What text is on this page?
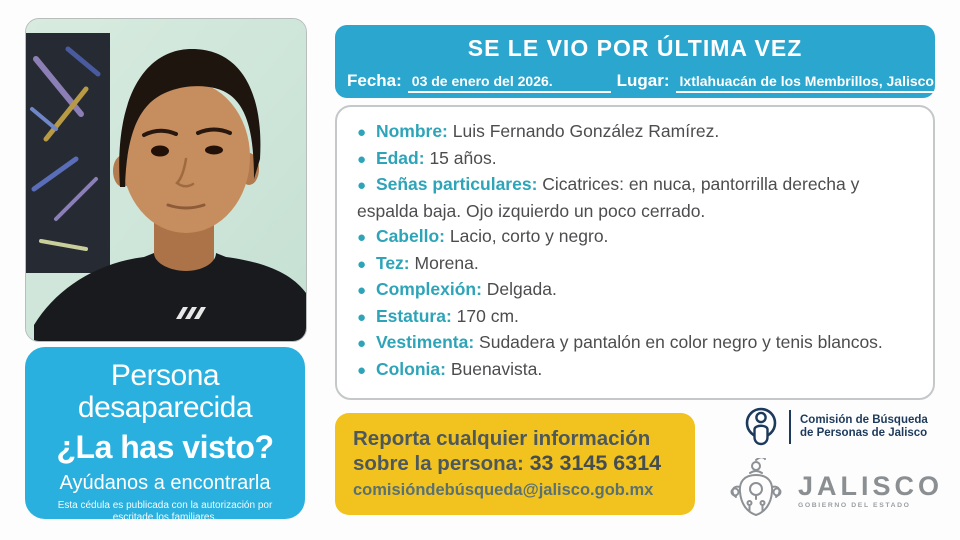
Persona
desaparecida
¿La has visto?
Ayúdanos a encontrarla
Esta cédula es publicada con la autorización por escritade los familiares.
SE LE VIO POR ÚLTIMA VEZ
Fecha: 03 de enero del 2026.	Lugar: Ixtlahuacán de los Membrillos, Jalisco.

● Nombre: Luis Fernando González Ramírez.

● Edad: 15 años.

● Señas particulares: Cicatrices: en nuca, pantorrilla derecha y espalda baja. Ojo izquierdo un poco cerrado.

● Cabello: Lacio, corto y negro.

● Tez: Morena.

● Complexión: Delgada.

● Estatura: 170 cm.

● Vestimenta: Sudadera y pantalón en color negro y tenis blancos.

● Colonia: Buenavista.

Reporta cualquier información
sobre la persona: 33 3145 6314
comisióndebúsqueda@jalisco.gob.mx
Comisión de Búsqueda
de Personas de Jalisco
JALISCO
GOBIERNO DEL ESTADO
